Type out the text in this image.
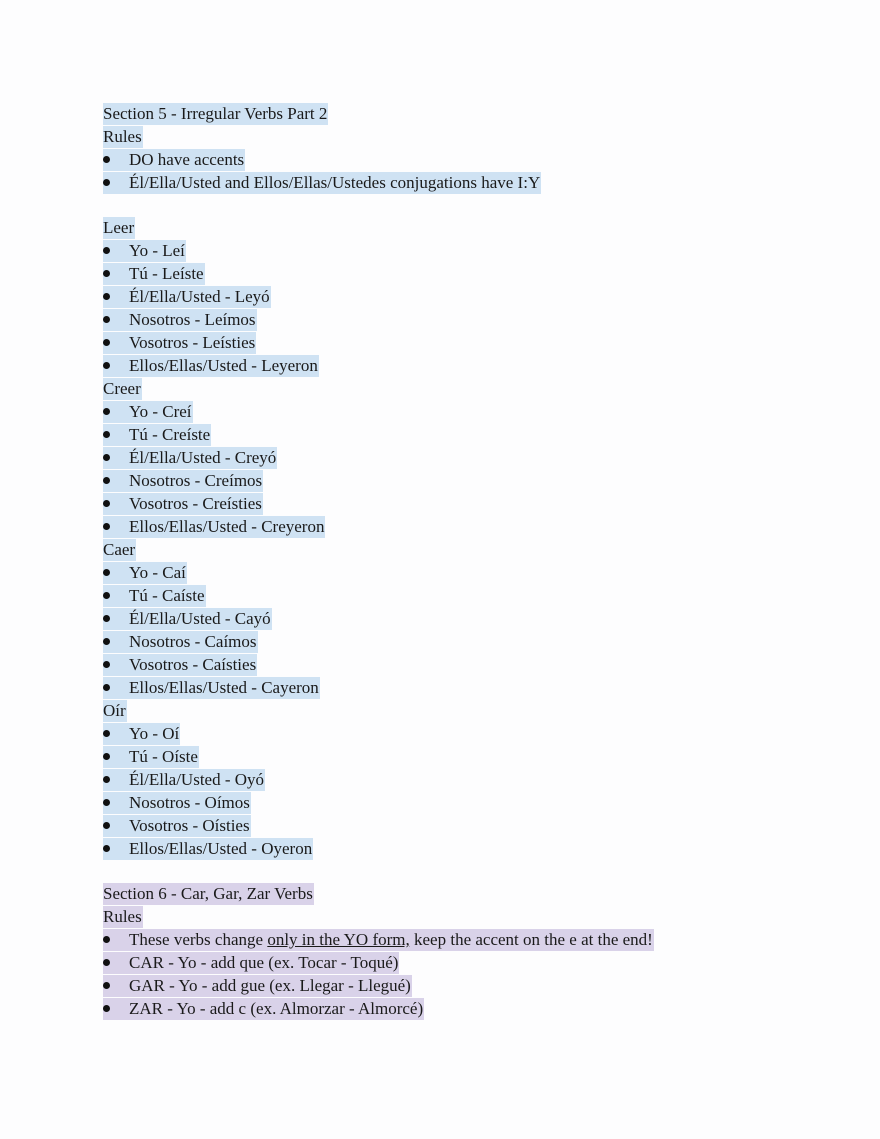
Section 5 - Irregular Verbs Part 2
Rules
DO have accents
Él/Ella/Usted and Ellos/Ellas/Ustedes conjugations have I:Y
Leer
Yo - Leí
Tú - Leíste
Él/Ella/Usted - Leyó
Nosotros - Leímos
Vosotros - Leísties
Ellos/Ellas/Usted - Leyeron
Creer
Yo - Creí
Tú - Creíste
Él/Ella/Usted - Creyó
Nosotros - Creímos
Vosotros - Creísties
Ellos/Ellas/Usted - Creyeron
Caer
Yo - Caí
Tú - Caíste
Él/Ella/Usted - Cayó
Nosotros - Caímos
Vosotros - Caísties
Ellos/Ellas/Usted - Cayeron
Oír
Yo - Oí
Tú - Oíste
Él/Ella/Usted - Oyó
Nosotros - Oímos
Vosotros - Oísties
Ellos/Ellas/Usted - Oyeron
Section 6 - Car, Gar, Zar Verbs
Rules
These verbs change only in the YO form, keep the accent on the e at the end!
CAR - Yo - add que (ex. Tocar - Toqué)
GAR - Yo - add gue (ex. Llegar - Llegué)
ZAR - Yo - add c (ex. Almorzar - Almorcé)
